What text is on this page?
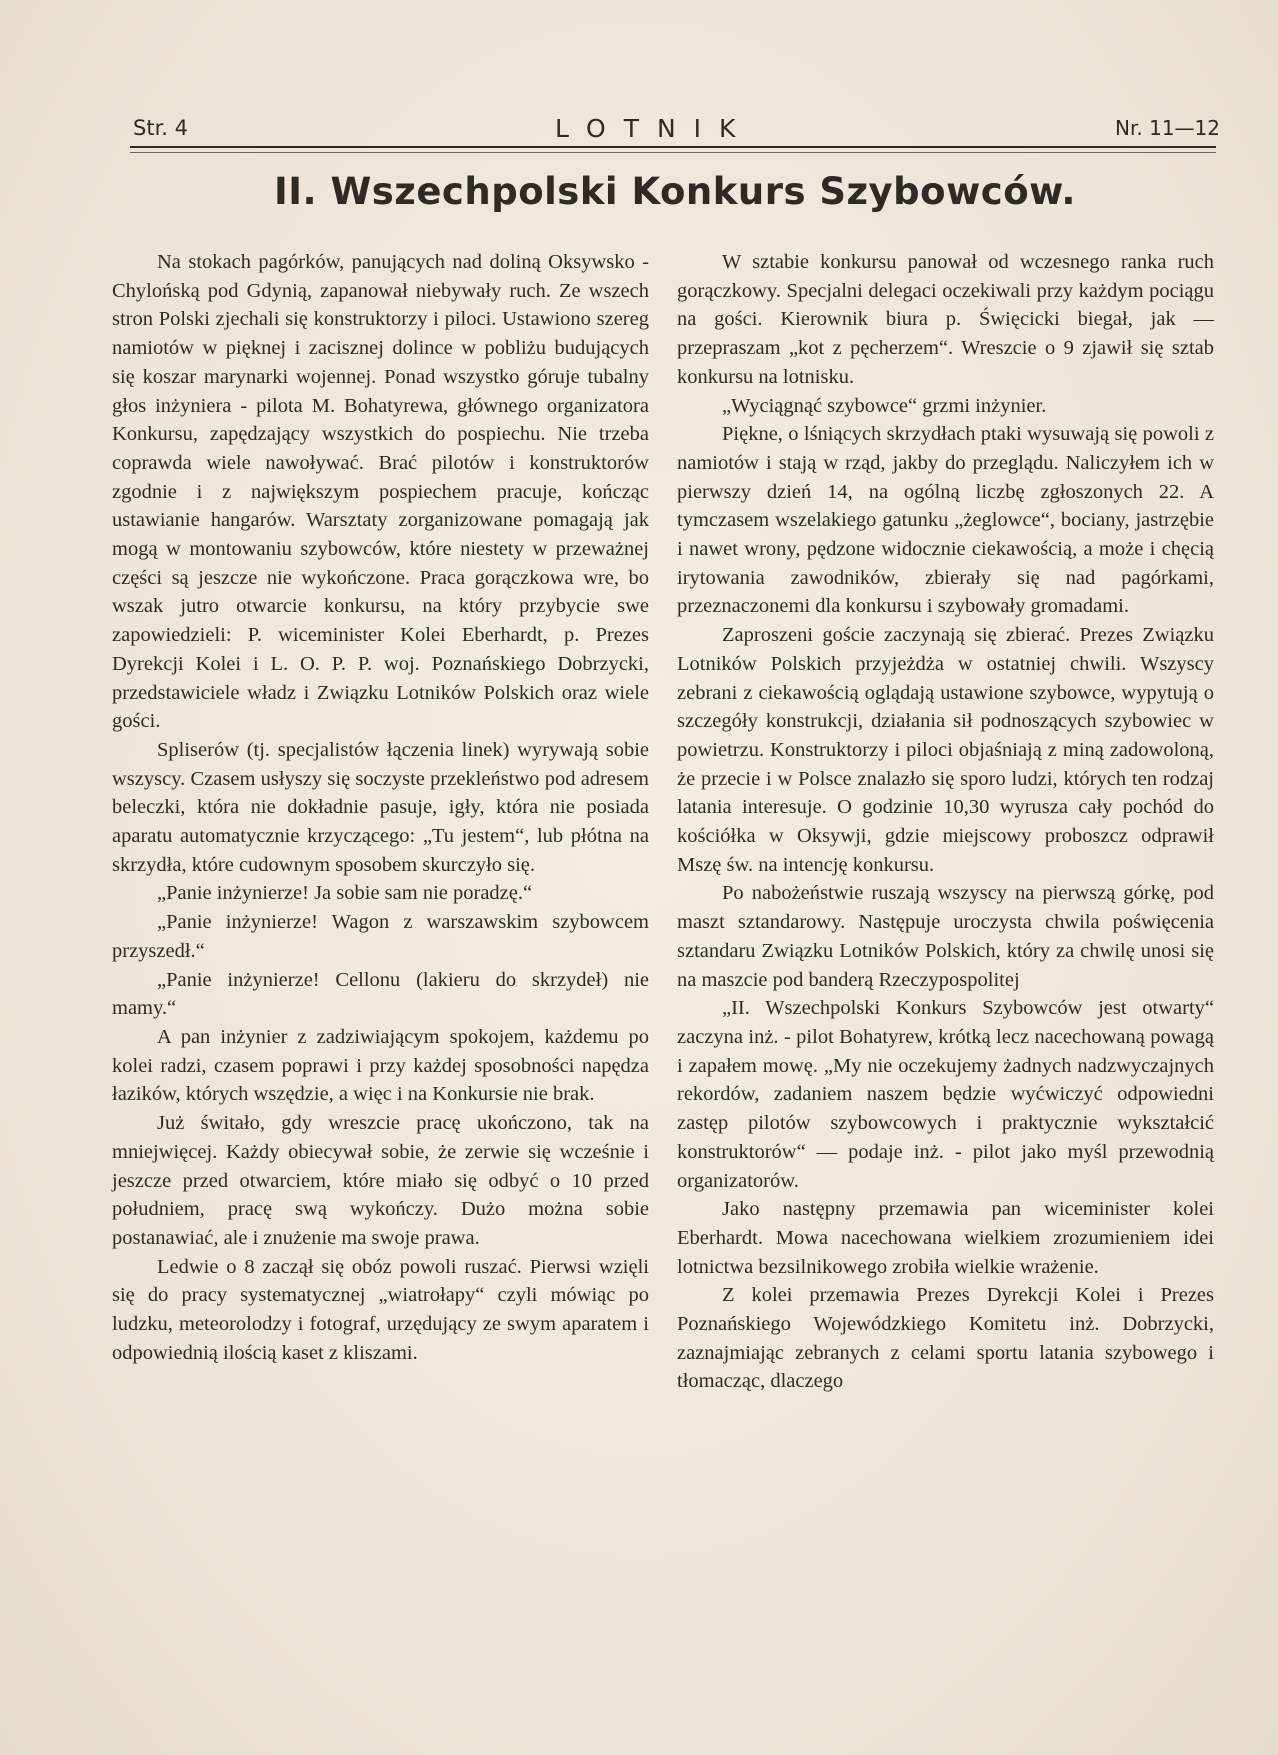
Str. 4	LOTNIK	Nr. 11—12
II. Wszechpolski Konkurs Szybowców.

Na stokach pagórków, panujących nad doliną Oksywsko - Chylońską pod Gdynią, zapanował niebywały ruch. Ze wszech stron Polski zjechali się konstruktorzy i piloci. Ustawiono szereg namiotów w pięknej i zacisznej dolince w pobliżu budujących się koszar marynarki wojennej. Ponad wszystko góruje tubalny głos inżyniera - pilota M. Bohatyrewa, głównego organizatora Konkursu, zapędzający wszystkich do pospiechu. Nie trzeba coprawda wiele nawoływać. Brać pilotów i konstruktorów zgodnie i z największym pospiechem pracuje, kończąc ustawianie hangarów. Warsztaty zorganizowane pomagają jak mogą w montowaniu szybowców, które niestety w przeważnej części są jeszcze nie wykończone. Praca gorączkowa wre, bo wszak jutro otwarcie konkursu, na który przybycie swe zapowiedzieli: P. wiceminister Kolei Eberhardt, p. Prezes Dyrekcji Kolei i L. O. P. P. woj. Poznańskiego Dobrzycki, przedstawiciele władz i Związku Lotników Polskich oraz wiele gości.

Spliserów (tj. specjalistów łączenia linek) wyrywają sobie wszyscy. Czasem usłyszy się soczyste przekleństwo pod adresem beleczki, która nie dokładnie pasuje, igły, która nie posiada aparatu automatycznie krzyczącego: „Tu jestem“, lub płótna na skrzydła, które cudownym sposobem skurczyło się.

„Panie inżynierze! Ja sobie sam nie poradzę.“

„Panie inżynierze! Wagon z warszawskim szybowcem przyszedł.“

„Panie inżynierze! Cellonu (lakieru do skrzydeł) nie mamy.“

A pan inżynier z zadziwiającym spokojem, każdemu po kolei radzi, czasem poprawi i przy każdej sposobności napędza łazików, których wszędzie, a więc i na Konkursie nie brak.

Już świtało, gdy wreszcie pracę ukończono, tak na mniejwięcej. Każdy obiecywał sobie, że zerwie się wcześnie i jeszcze przed otwarciem, które miało się odbyć o 10 przed południem, pracę swą wykończy. Dużo można sobie postanawiać, ale i znużenie ma swoje prawa.

Ledwie o 8 zaczął się obóz powoli ruszać. Pierwsi wzięli się do pracy systematycznej „wiatrołapy“ czyli mówiąc po ludzku, meteorolodzy i fotograf, urzędujący ze swym aparatem i odpowiednią ilością kaset z kliszami.

W sztabie konkursu panował od wczesnego ranka ruch gorączkowy. Specjalni delegaci oczekiwali przy każdym pociągu na gości. Kierownik biura p. Święcicki biegał, jak — przepraszam „kot z pęcherzem“. Wreszcie o 9 zjawił się sztab konkursu na lotnisku.

„Wyciągnąć szybowce“ grzmi inżynier.

Piękne, o lśniących skrzydłach ptaki wysuwają się powoli z namiotów i stają w rząd, jakby do przeglądu. Naliczyłem ich w pierwszy dzień 14, na ogólną liczbę zgłoszonych 22. A tymczasem wszelakiego gatunku „żeglowce“, bociany, jastrzębie i nawet wrony, pędzone widocznie ciekawością, a może i chęcią irytowania zawodników, zbierały się nad pagórkami, przeznaczonemi dla konkursu i szybowały gromadami.

Zaproszeni goście zaczynają się zbierać. Prezes Związku Lotników Polskich przyjeżdża w ostatniej chwili. Wszyscy zebrani z ciekawością oglądają ustawione szybowce, wypytują o szczegóły konstrukcji, działania sił podnoszących szybowiec w powietrzu. Konstruktorzy i piloci objaśniają z miną zadowoloną, że przecie i w Polsce znalazło się sporo ludzi, których ten rodzaj latania interesuje. O godzinie 10,30 wyrusza cały pochód do kościółka w Oksywji, gdzie miejscowy proboszcz odprawił Mszę św. na intencję konkursu.

Po nabożeństwie ruszają wszyscy na pierwszą górkę, pod maszt sztandarowy. Następuje uroczysta chwila poświęcenia sztandaru Związku Lotników Polskich, który za chwilę unosi się na maszcie pod banderą Rzeczypospolitej

„II. Wszechpolski Konkurs Szybowców jest otwarty“ zaczyna inż. - pilot Bohatyrew, krótką lecz nacechowaną powagą i zapałem mowę. „My nie oczekujemy żadnych nadzwyczajnych rekordów, zadaniem naszem będzie wyćwiczyć odpowiedni zastęp pilotów szybowcowych i praktycznie wykształcić konstruktorów“ — podaje inż. - pilot jako myśl przewodnią organizatorów.

Jako następny przemawia pan wiceminister kolei Eberhardt. Mowa nacechowana wielkiem zrozumieniem idei lotnictwa bezsilnikowego zrobiła wielkie wrażenie.

Z kolei przemawia Prezes Dyrekcji Kolei i Prezes Poznańskiego Wojewódzkiego Komitetu inż. Dobrzycki, zaznajmiając zebranych z celami sportu latania szybowego i tłomacząc, dlaczego
